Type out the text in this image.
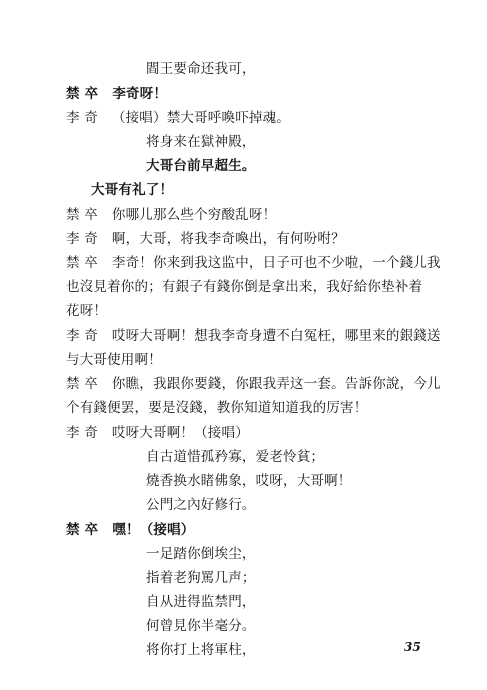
閻王要命还我可，
禁 卒 李奇呀！
李 奇 （接唱）禁大哥呼喚吓掉魂。
将身来在獄神殿，
大哥台前早超生。
大哥有礼了！
禁 卒 你哪儿那么些个穷酸乱呀！
李 奇 啊，大哥，将我李奇喚出，有何吩咐？
禁 卒 李奇！你来到我这监中，日子可也不少啦，一个錢儿我
也沒見着你的；有銀子有錢你倒是拿出来，我好給你垫补着
花呀！
李 奇 哎呀大哥啊！想我李奇身遭不白冤枉，哪里来的銀錢送
与大哥使用啊！
禁 卒 你瞧，我跟你要錢，你跟我弄这一套。告訴你說，今儿
个有錢便罢，要是沒錢，教你知道知道我的厉害！
李 奇 哎呀大哥啊！（接唱）
自古道惜孤矜寡，爱老怜貧；
燒香换水睹佛象，哎呀，大哥啊！
公門之內好修行。
禁 卒 嘿！（接唱）
一足踏你倒埃尘，
指着老狗罵几声；
自从进得监禁門，
何曾見你半毫分。
将你打上将軍柱，	35
